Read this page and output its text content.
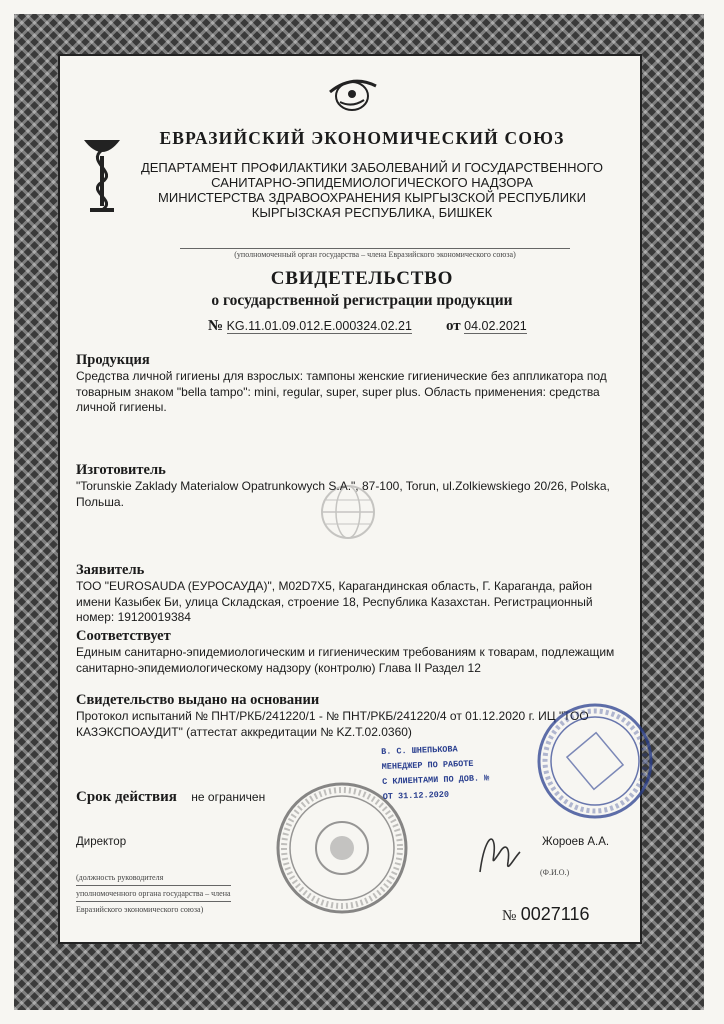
ЕВРАЗИЙСКИЙ ЭКОНОМИЧЕСКИЙ СОЮЗ
ДЕПАРТАМЕНТ ПРОФИЛАКТИКИ ЗАБОЛЕВАНИЙ И ГОСУДАРСТВЕННОГО
САНИТАРНО-ЭПИДЕМИОЛОГИЧЕСКОГО НАДЗОРА
МИНИСТЕРСТВА ЗДРАВООХРАНЕНИЯ КЫРГЫЗСКОЙ РЕСПУБЛИКИ
КЫРГЫЗСКАЯ РЕСПУБЛИКА, БИШКЕК
(уполномоченный орган государства – члена Евразийского экономического союза)
СВИДЕТЕЛЬСТВО
о государственной регистрации продукции
№ KG.11.01.09.012.E.000324.02.21 от 04.02.2021
Продукция
Средства личной гигиены для взрослых: тампоны женские гигиенические без аппликатора под товарным знаком "bella tampo": mini, regular, super, super plus. Область применения: средства личной гигиены.
Изготовитель
"Torunskie Zaklady Materialow Opatrunkowych S.A.", 87-100, Torun, ul.Zolkiewskiego 20/26, Polska, Польша.
Заявитель
ТОО "EUROSAUDA (ЕУРОСАУДА)", M02D7X5, Карагандинская область, Г. Караганда, район имени Казыбек Би, улица Складская, строение 18, Республика Казахстан. Регистрационный номер: 19120019384
Соответствует
Единым санитарно-эпидемиологическим и гигиеническим требованиям к товарам, подлежащим санитарно-эпидемиологическому надзору (контролю) Глава II Раздел 12
Свидетельство выдано на основании
Протокол испытаний № ПНТ/РКБ/241220/1 - № ПНТ/РКБ/241220/4 от 01.12.2020 г. ИЦ "ТОО КАЗЭКСПОАУДИТ" (аттестат аккредитации № KZ.T.02.0360)
Срок действия не ограничен
В. С. ШНЕПЬКОВА
МЕНЕДЖЕР ПО РАБОТЕ
С КЛИЕНТАМИ ПО ДОВ. №
ОТ 31.12.2020
Директор	Жороев А.А.
(Ф.И.О.)
(должность руководителя
уполномоченного органа государства – члена
Евразийского экономического союза)	№ 0027116
